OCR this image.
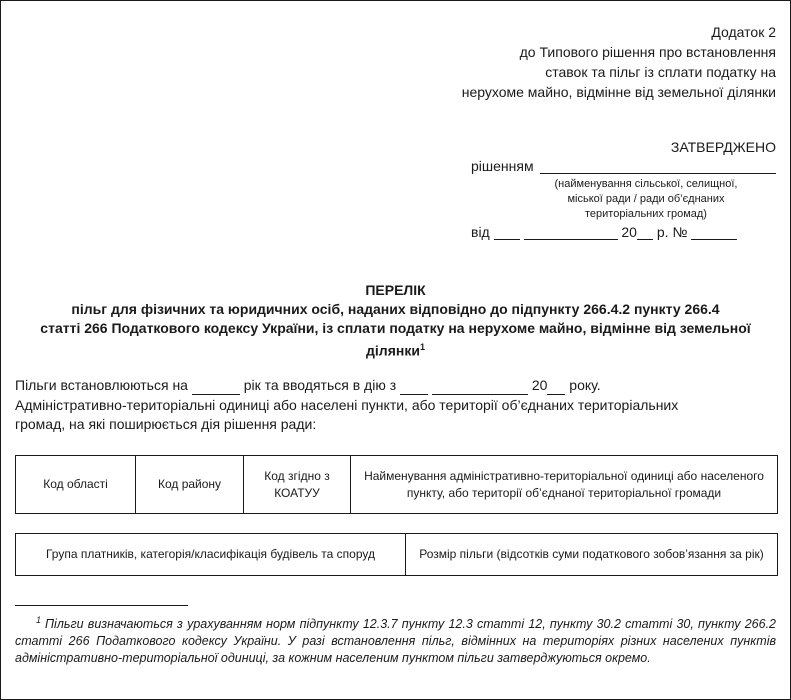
Додаток 2
до Типового рішення про встановлення
ставок та пільг із сплати податку на
нерухоме майно, відмінне від земельної ділянки
ЗАТВЕРДЖЕНО
рішенням
(найменування сільської, селищної,
міської ради / ради об’єднаних
територіальних громад)
від	20 р. №
ПЕРЕЛІК
пільг для фізичних та юридичних осіб, наданих відповідно до підпункту 266.4.2 пункту 266.4
статті 266 Податкового кодексу України, із сплати податку на нерухоме майно, відмінне від земельної
ділянки$^1$
Пільги встановлюються на	рік та вводяться в дію з	20 року.
Адміністративно-територіальні одиниці або населені пункти, або території об’єднаних територіальних
громад, на які поширюється дія рішення ради:
Код області	Код району	Код згідно з КОАТУУ	Найменування адміністративно-територіальної одиниці або населеного пункту, або території об’єднаної територіальної громади
Група платників, категорія/класифікація будівель та споруд	Розмір пільги (відсотків суми податкового зобов’язання за рік)
1 Пільги визначаються з урахуванням норм підпункту 12.3.7 пункту 12.3 статті 12, пункту 30.2 статті 30, пункту 266.2 статті 266 Податкового кодексу України. У разі встановлення пільг, відмінних на територіях різних населених пунктів адміністративно-територіальної одиниці, за кожним населеним пунктом пільги затверджуються окремо.
